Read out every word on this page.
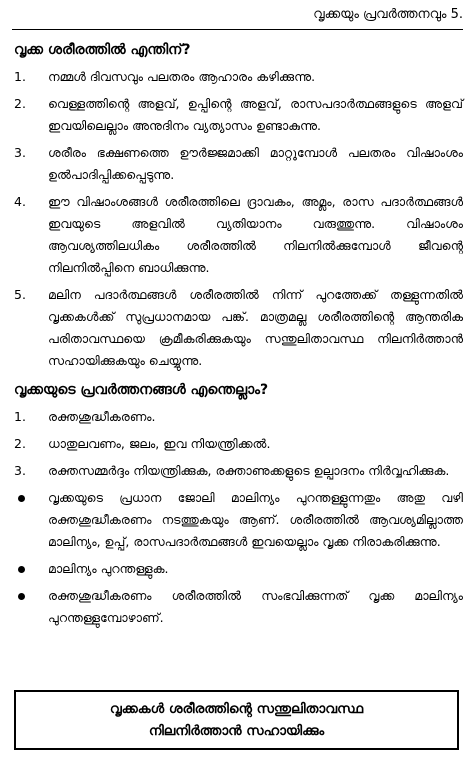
വൃക്കയും പ്രവർത്തനവും 5.
വൃക്ക ശരീരത്തിൽ എന്തിന്?
1.	നമ്മൾ ദിവസവും പലതരം ആഹാരം കഴിക്കുന്നു.
2.	വെള്ളത്തിന്റെ അളവ്, ഉപ്പിന്റെ അളവ്, രാസപദാർത്ഥങ്ങളുടെ അളവ് ഇവയിലെല്ലാം അനുദിനം വ്യത്യാസം ഉണ്ടാകുന്നു.
3.	ശരീരം ഭക്ഷണത്തെ ഊർജ്ജമാക്കി മാറ്റുമ്പോൾ പലതരം വിഷാംശം ഉൽപാദിപ്പിക്കപ്പെടുന്നു.
4.	ഈ വിഷാംശങ്ങൾ ശരീരത്തിലെ ദ്രാവകം, അമ്ലം, രാസ പദാർത്ഥങ്ങൾ ഇവയുടെ അളവിൽ വ്യതിയാനം വരുത്തുന്നു. വിഷാംശം ആവശ്യത്തിലധികം ശരീരത്തിൽ നിലനിൽക്കുമ്പോൾ ജീവന്റെ നിലനിൽപ്പിനെ ബാധിക്കുന്നു.
5.	മലിന പദാർത്ഥങ്ങൾ ശരീരത്തിൽ നിന്ന് പുറത്തേക്ക് തള്ളുന്നതിൽ വൃക്കകൾക്ക് സുപ്രധാനമായ പങ്ക്. മാത്രമല്ല ശരീരത്തിന്റെ ആന്തരിക പരിതാവസ്ഥയെ ക്രമീകരിക്കുകയും സന്തുലിതാവസ്ഥ നിലനിർത്താൻ സഹായിക്കുകയും ചെയ്യുന്നു.
വൃക്കയുടെ പ്രവർത്തനങ്ങൾ എന്തെല്ലാം?
1.	രക്തശുദ്ധീകരണം.
2.	ധാതുലവണം, ജലം, ഇവ നിയന്ത്രിക്കൽ.
3.	രക്തസമ്മർദ്ദം നിയന്ത്രിക്കുക, രക്താണുക്കളുടെ ഉല്പാദനം നിർവ്വഹിക്കുക.
വൃക്കയുടെ പ്രധാന ജോലി മാലിന്യം പുറന്തള്ളുന്നതും അതു വഴി രക്തശുദ്ധീകരണം നടത്തുകയും ആണ്. ശരീരത്തിൽ ആവശ്യമില്ലാത്ത മാലിന്യം, ഉപ്പ്, രാസപദാർത്ഥങ്ങൾ ഇവയെല്ലാം വൃക്ക നിരാകരിക്കുന്നു.
മാലിന്യം പുറന്തള്ളുക.
രക്തശുദ്ധീകരണം ശരീരത്തിൽ സംഭവിക്കുന്നത് വൃക്ക മാലിന്യം പുറന്തള്ളുമ്പോഴാണ്.
വൃക്കകൾ ശരീരത്തിന്റെ സന്തുലിതാവസ്ഥ
നിലനിർത്താൻ സഹായിക്കും
